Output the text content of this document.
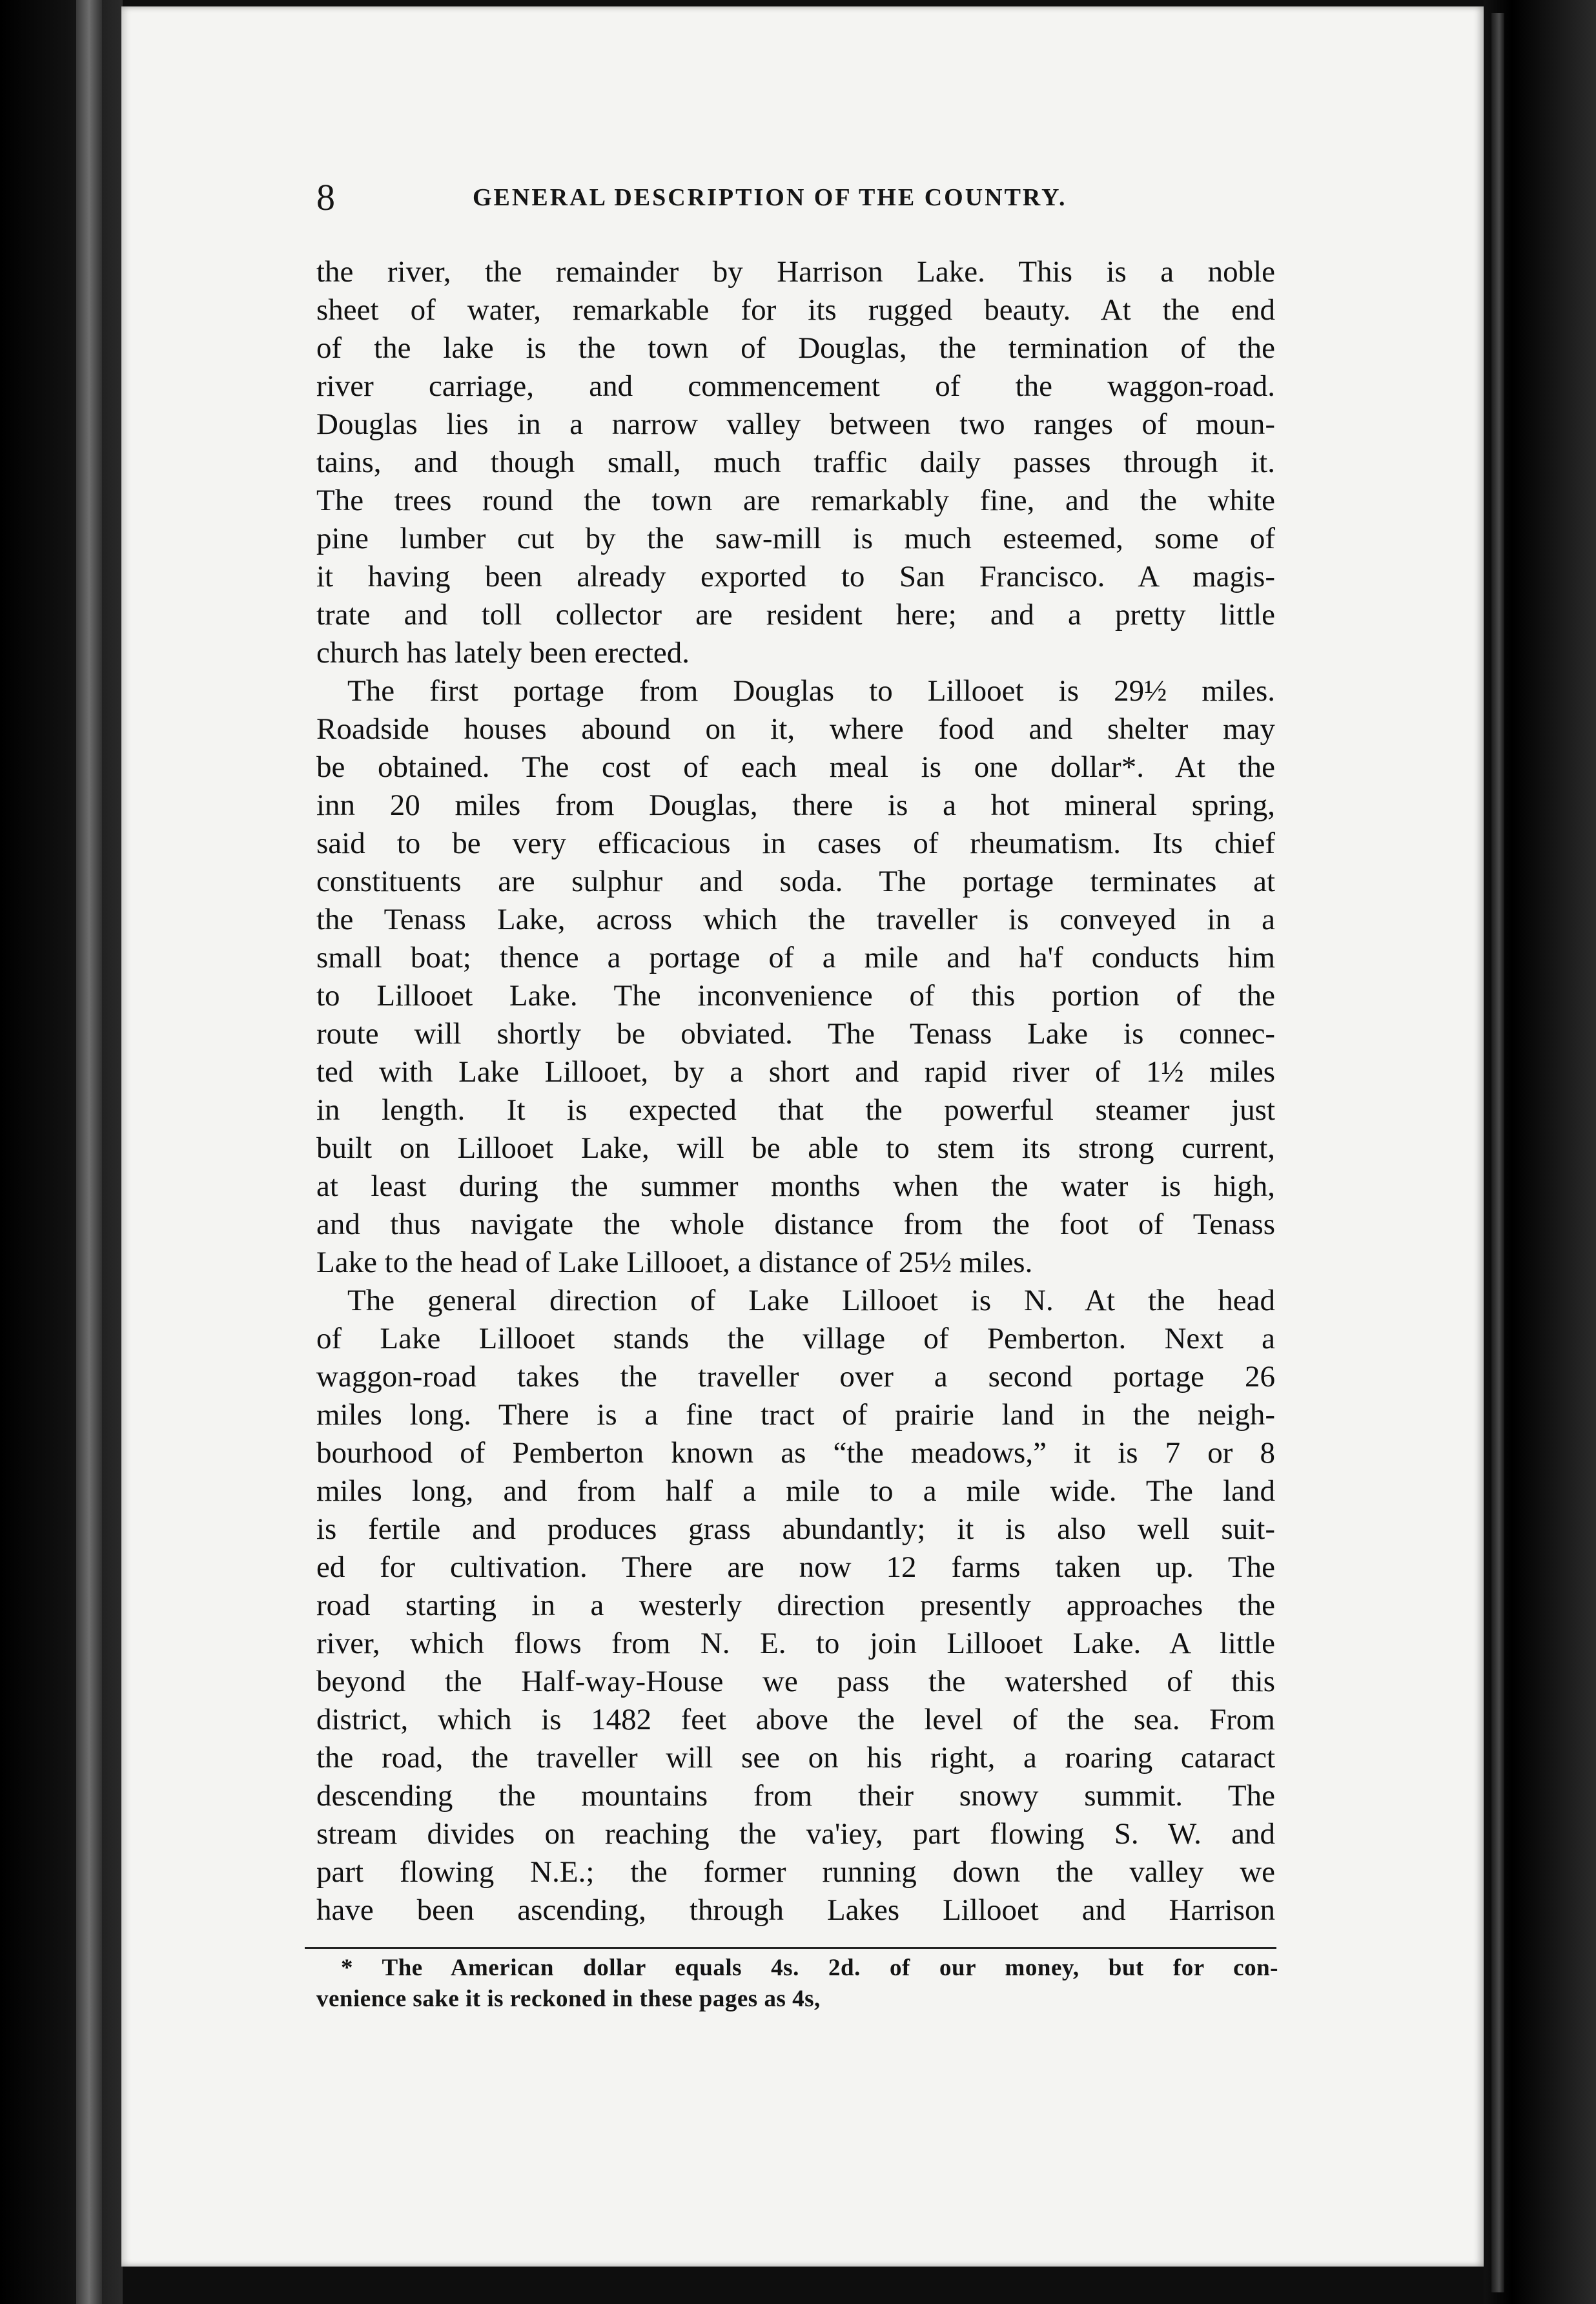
8	GENERAL DESCRIPTION OF THE COUNTRY.

the river, the remainder by Harrison Lake. This is a noble

sheet of water, remarkable for its rugged beauty. At the end

of the lake is the town of Douglas, the termination of the

river carriage, and commencement of the waggon-road.

Douglas lies in a narrow valley between two ranges of moun-

tains, and though small, much traffic daily passes through it.

The trees round the town are remarkably fine, and the white

pine lumber cut by the saw-mill is much esteemed, some of

it having been already exported to San Francisco. A magis-

trate and toll collector are resident here; and a pretty little

church has lately been erected.

The first portage from Douglas to Lillooet is 29½ miles.

Roadside houses abound on it, where food and shelter may

be obtained. The cost of each meal is one dollar*. At the

inn 20 miles from Douglas, there is a hot mineral spring,

said to be very efficacious in cases of rheumatism. Its chief

constituents are sulphur and soda. The portage terminates at

the Tenass Lake, across which the traveller is conveyed in a

small boat; thence a portage of a mile and ha'f conducts him

to Lillooet Lake. The inconvenience of this portion of the

route will shortly be obviated. The Tenass Lake is connec-

ted with Lake Lillooet, by a short and rapid river of 1½ miles

in length. It is expected that the powerful steamer just

built on Lillooet Lake, will be able to stem its strong current,

at least during the summer months when the water is high,

and thus navigate the whole distance from the foot of Tenass

Lake to the head of Lake Lillooet, a distance of 25½ miles.

The general direction of Lake Lillooet is N. At the head

of Lake Lillooet stands the village of Pemberton. Next a

waggon-road takes the traveller over a second portage 26

miles long. There is a fine tract of prairie land in the neigh-

bourhood of Pemberton known as “the meadows,” it is 7 or 8

miles long, and from half a mile to a mile wide. The land

is fertile and produces grass abundantly; it is also well suit-

ed for cultivation. There are now 12 farms taken up. The

road starting in a westerly direction presently approaches the

river, which flows from N. E. to join Lillooet Lake. A little

beyond the Half-way-House we pass the watershed of this

district, which is 1482 feet above the level of the sea. From

the road, the traveller will see on his right, a roaring cataract

descending the mountains from their snowy summit. The

stream divides on reaching the va'iey, part flowing S. W. and

part flowing N.E.; the former running down the valley we

have been ascending, through Lakes Lillooet and Harrison

* The American dollar equals 4s. 2d. of our money, but for con-

venience sake it is reckoned in these pages as 4s,
